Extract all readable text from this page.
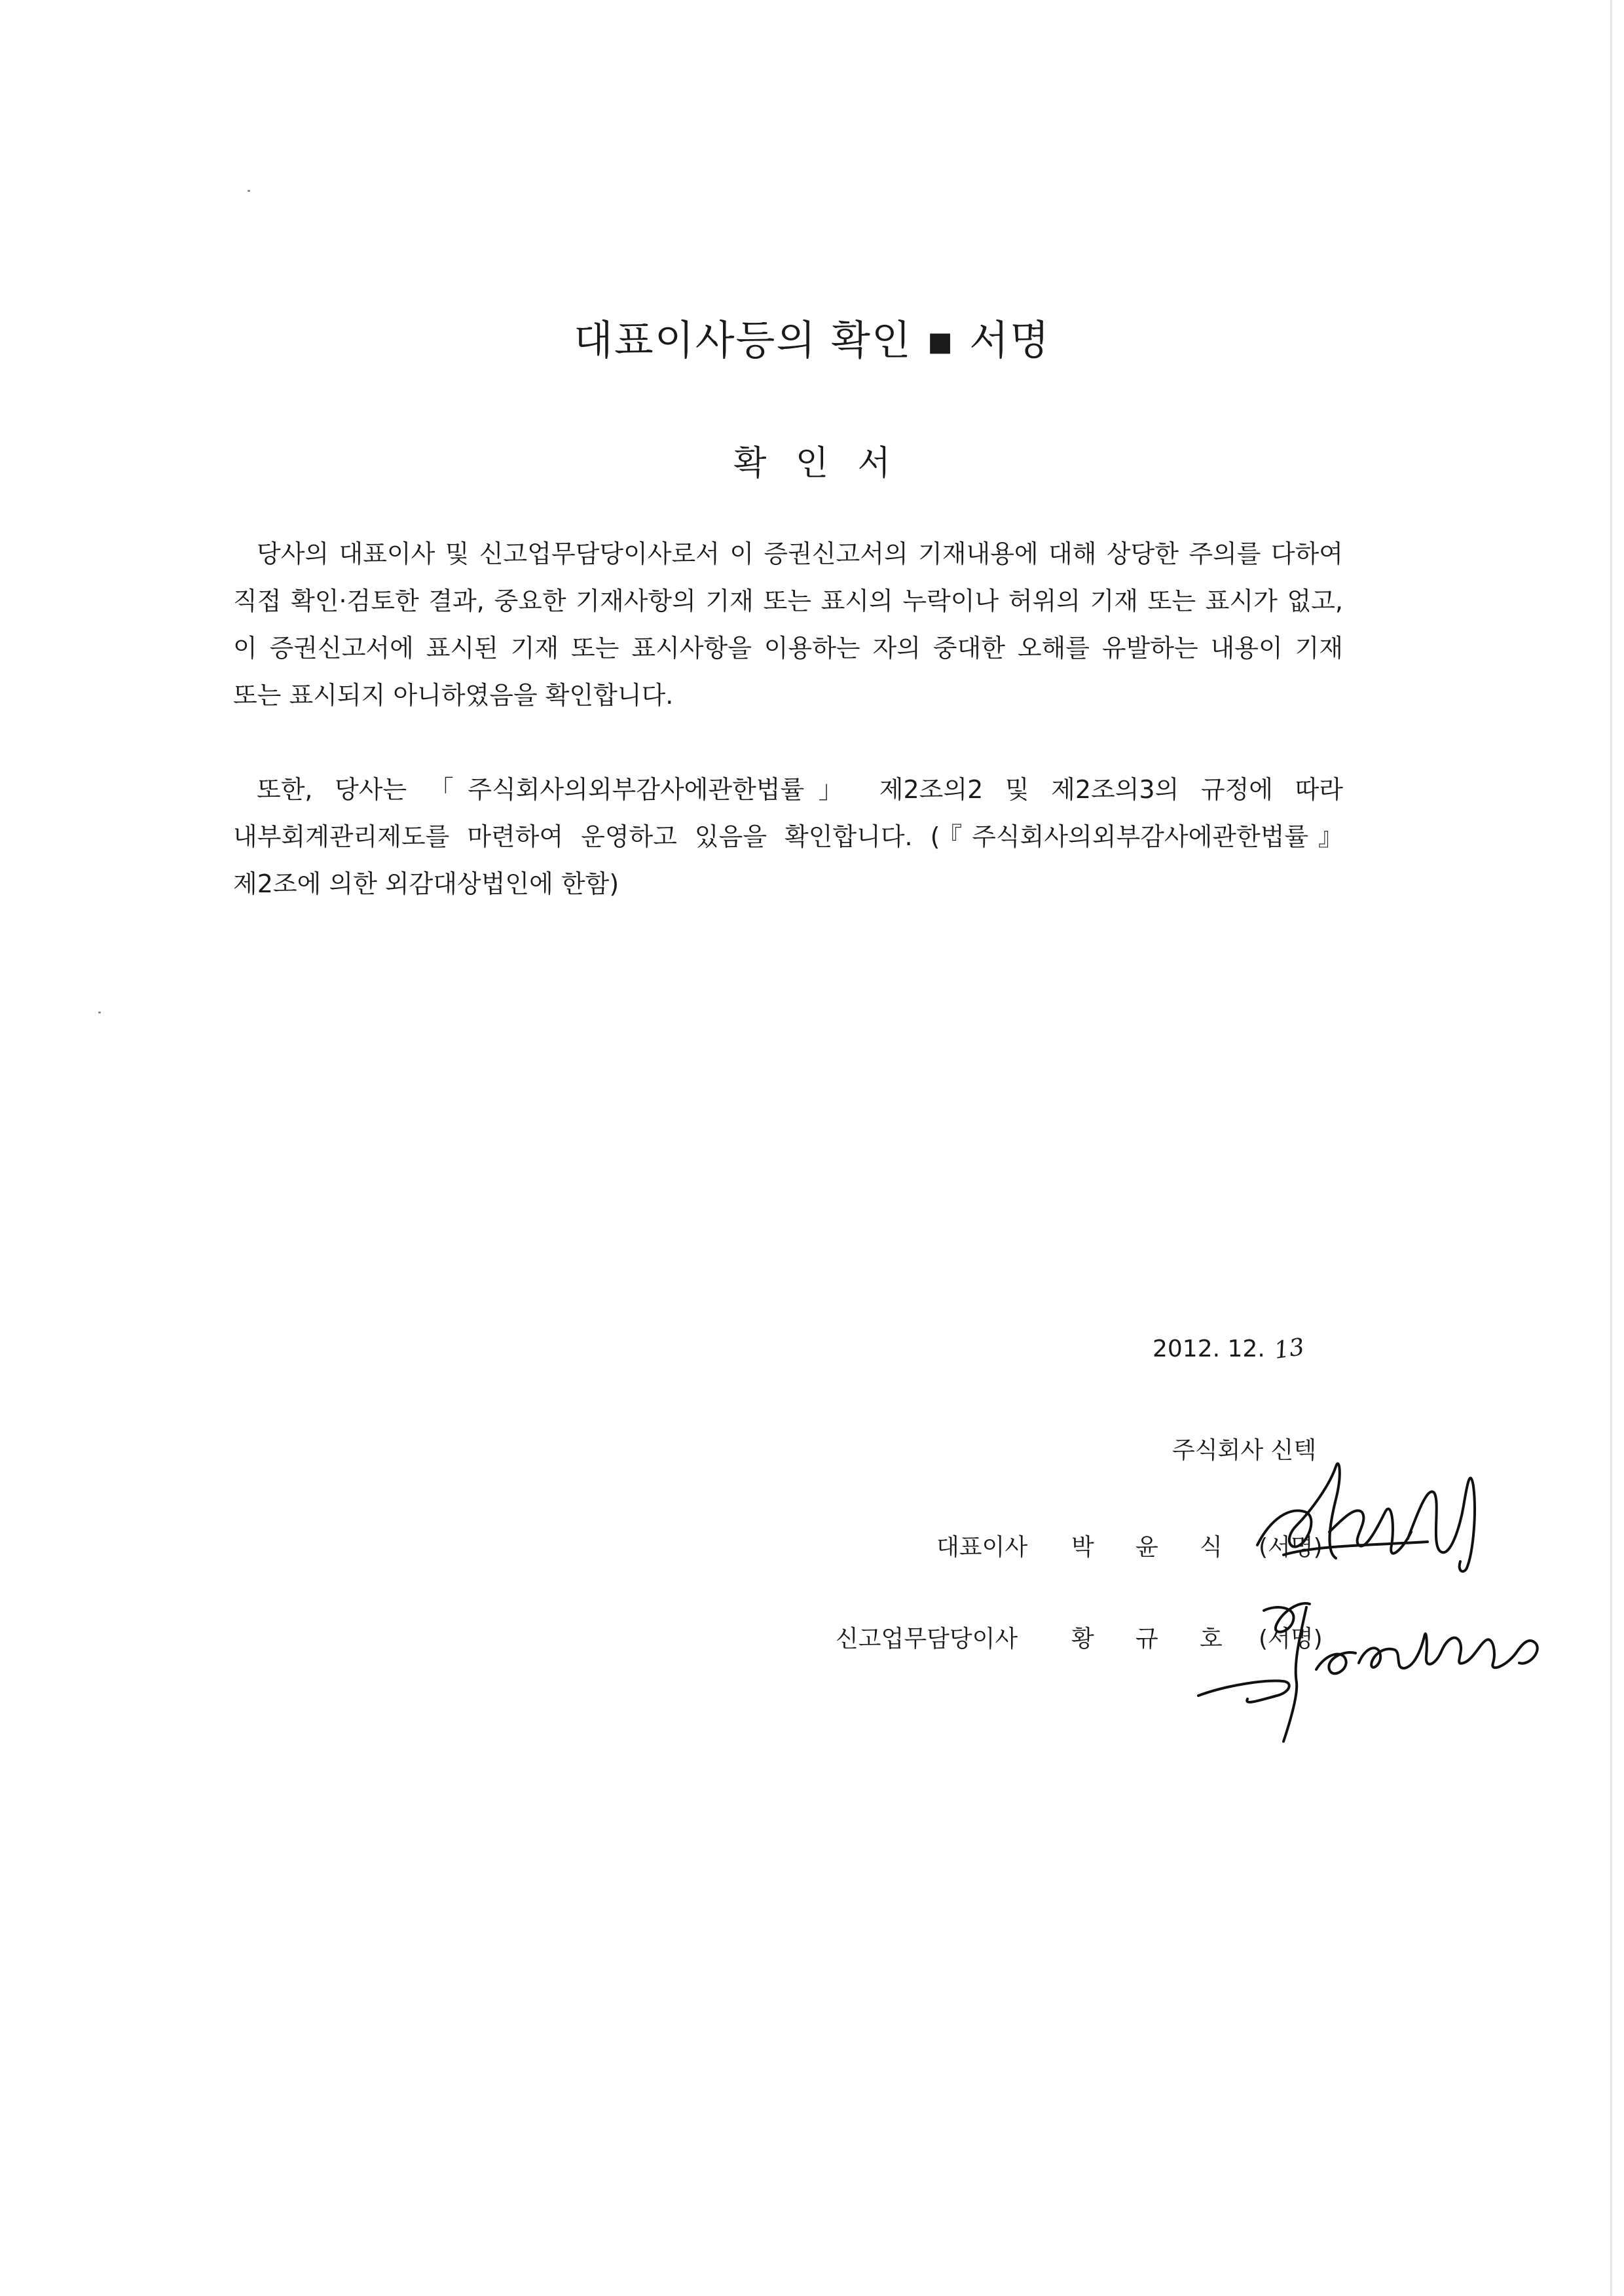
대표이사등의 확인 ▪ 서명
확 인 서

당사의 대표이사 및 신고업무담당이사로서 이 증권신고서의 기재내용에 대해 상당한 주의를 다하여 직접 확인·검토한 결과, 중요한 기재사항의 기재 또는 표시의 누락이나 허위의 기재 또는 표시가 없고, 이 증권신고서에 표시된 기재 또는 표시사항을 이용하는 자의 중대한 오해를 유발하는 내용이 기재 또는 표시되지 아니하였음을 확인합니다.

또한, 당사는 「주식회사의외부감사에관한법률」 제2조의2 및 제2조의3의 규정에 따라 내부회계관리제도를 마련하여 운영하고 있음을 확인합니다. (『주식회사의외부감사에관한법률』 제2조에 의한 외감대상법인에 한함)

2012. 12. 13
주식회사 신텍
대표이사 박 윤 식 (서명)
신고업무담당이사 황 규 호 (서명)
